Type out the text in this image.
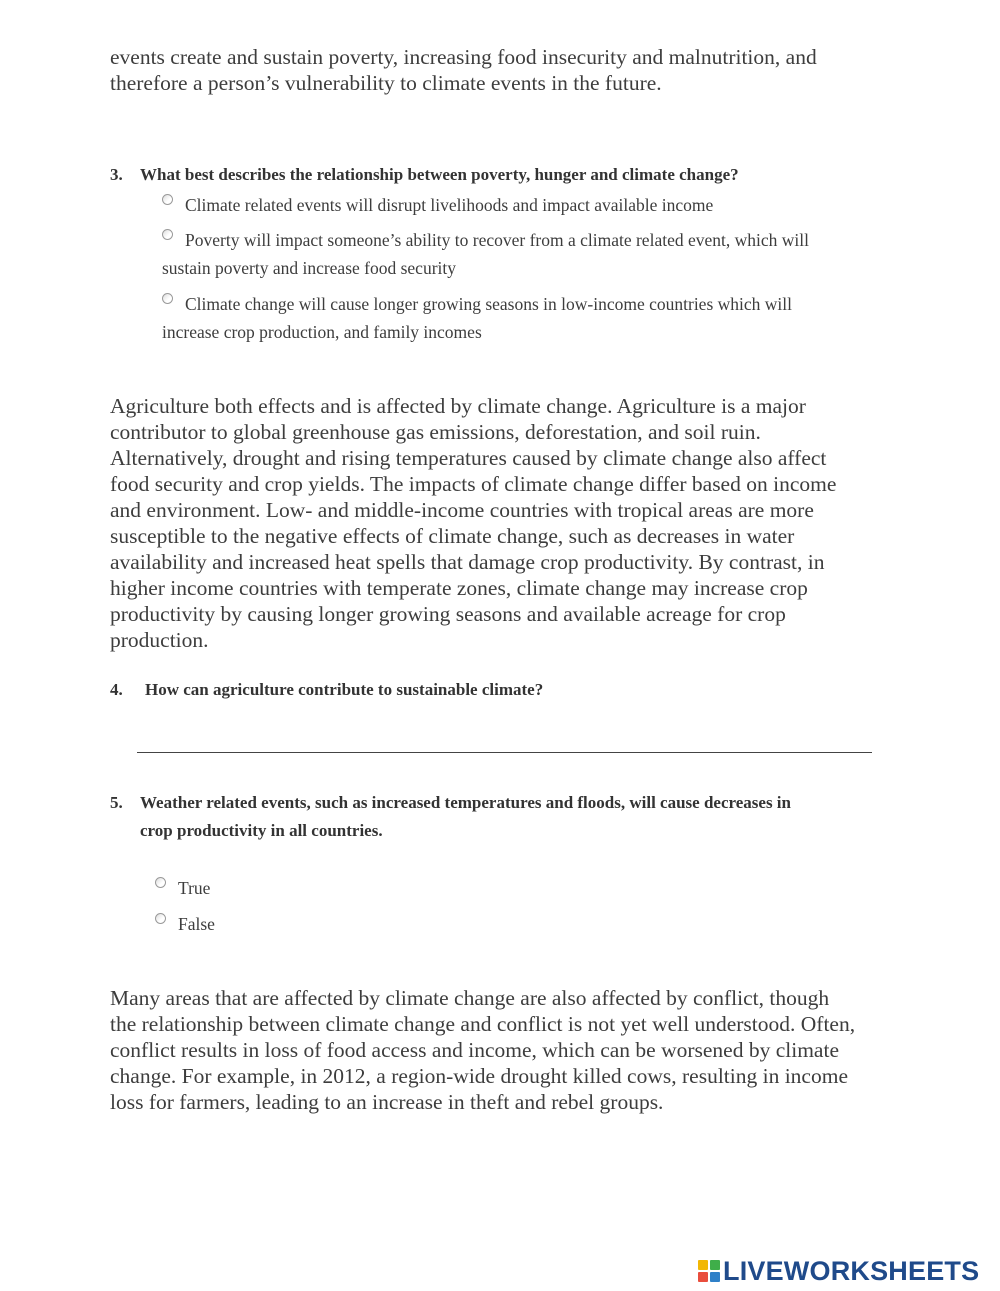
events create and sustain poverty, increasing food insecurity and malnutrition, and
therefore a person’s vulnerability to climate events in the future.

3. What best describes the relationship between poverty, hunger and climate change?

Climate related events will disrupt livelihoods and impact available income
Poverty will impact someone’s ability to recover from a climate related event, which will
sustain poverty and increase food security
Climate change will cause longer growing seasons in low-income countries which will
increase crop production, and family incomes

Agriculture both effects and is affected by climate change. Agriculture is a major
contributor to global greenhouse gas emissions, deforestation, and soil ruin.
Alternatively, drought and rising temperatures caused by climate change also affect
food security and crop yields. The impacts of climate change differ based on income
and environment. Low- and middle-income countries with tropical areas are more
susceptible to the negative effects of climate change, such as decreases in water
availability and increased heat spells that damage crop productivity. By contrast, in
higher income countries with temperate zones, climate change may increase crop
productivity by causing longer growing seasons and available acreage for crop
production.

4. How can agriculture contribute to sustainable climate?

5. Weather related events, such as increased temperatures and floods, will cause decreases in
crop productivity in all countries.

True
False

Many areas that are affected by climate change are also affected by conflict, though
the relationship between climate change and conflict is not yet well understood. Often,
conflict results in loss of food access and income, which can be worsened by climate
change. For example, in 2012, a region-wide drought killed cows, resulting in income
loss for farmers, leading to an increase in theft and rebel groups.

LIVEWORKSHEETS
